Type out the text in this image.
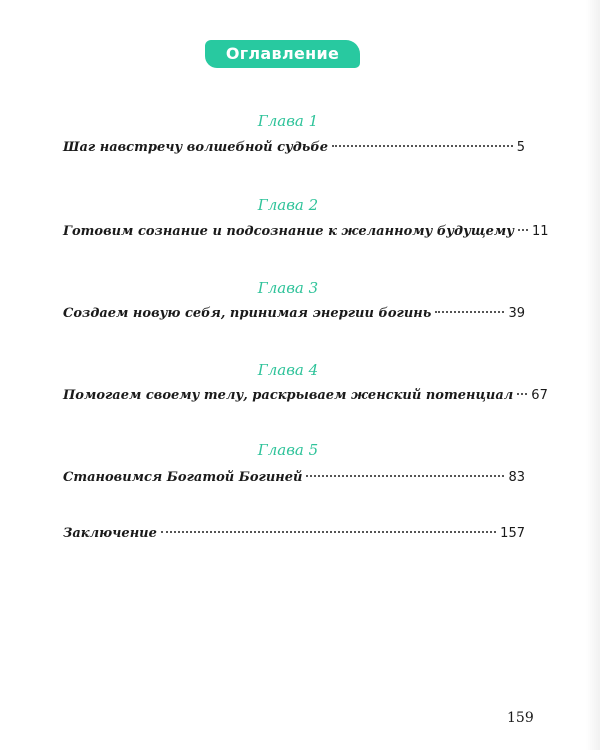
Оглавление
Глава 1
Шаг навстречу волшебной судьбе	5
Глава 2
Готовим сознание и подсознание к желанному будущему 11
Глава 3
Создаем новую себя, принимая энергии богинь	39
Глава 4
Помогаем своему телу, раскрываем женский потенциал 67
Глава 5
Становимся Богатой Богиней	83
Заключение	157
159
